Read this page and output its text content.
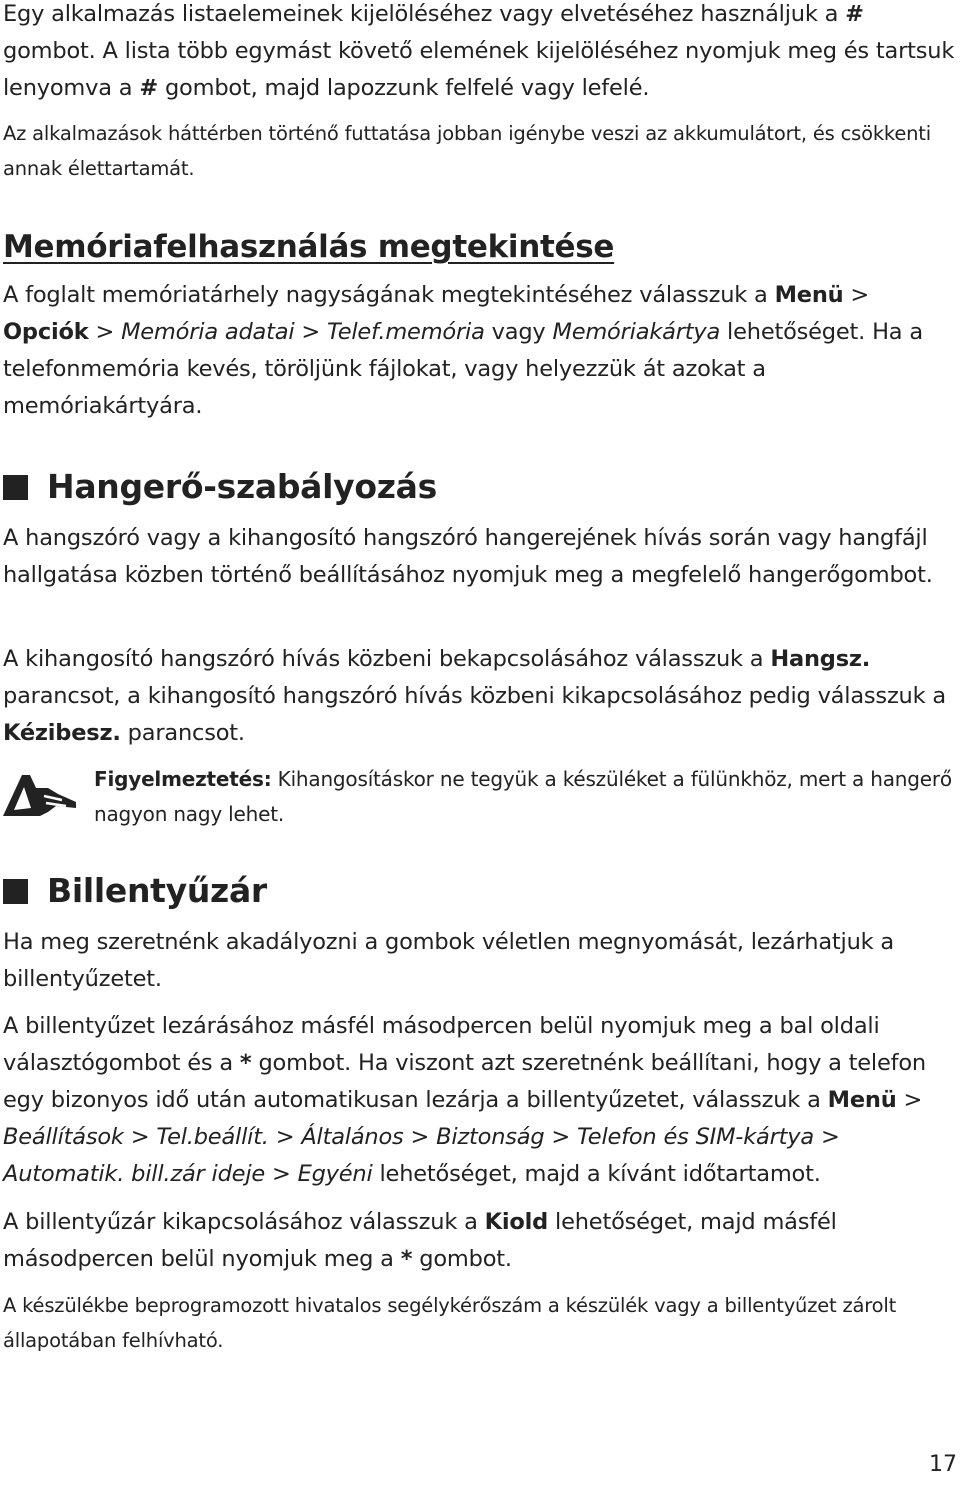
Egy alkalmazás listaelemeinek kijelöléséhez vagy elvetéséhez használjuk a # gombot. A lista több egymást követő elemének kijelöléséhez nyomjuk meg és tartsuk lenyomva a # gombot, majd lapozzunk felfelé vagy lefelé.

Az alkalmazások háttérben történő futtatása jobban igénybe veszi az akkumulátort, és csökkenti annak élettartamát.

Memóriafelhasználás megtekintése

A foglalt memóriatárhely nagyságának megtekintéséhez válasszuk a Menü > Opciók > Memória adatai > Telef.memória vagy Memóriakártya lehetőséget. Ha a telefonmemória kevés, töröljünk fájlokat, vagy helyezzük át azokat a memóriakártyára.

Hangerő-szabályozás

A hangszóró vagy a kihangosító hangszóró hangerejének hívás során vagy hangfájl hallgatása közben történő beállításához nyomjuk meg a megfelelő hangerőgombot.

A kihangosító hangszóró hívás közbeni bekapcsolásához válasszuk a Hangsz. parancsot, a kihangosító hangszóró hívás közbeni kikapcsolásához pedig válasszuk a Kézibesz. parancsot.

Figyelmeztetés: Kihangosításkor ne tegyük a készüléket a fülünkhöz, mert a hangerő nagyon nagy lehet.

Billentyűzár

Ha meg szeretnénk akadályozni a gombok véletlen megnyomását, lezárhatjuk a billentyűzetet.

A billentyűzet lezárásához másfél másodpercen belül nyomjuk meg a bal oldali választógombot és a * gombot. Ha viszont azt szeretnénk beállítani, hogy a telefon egy bizonyos idő után automatikusan lezárja a billentyűzetet, válasszuk a Menü > Beállítások > Tel.beállít. > Általános > Biztonság > Telefon és SIM-kártya > Automatik. bill.zár ideje > Egyéni lehetőséget, majd a kívánt időtartamot.

A billentyűzár kikapcsolásához válasszuk a Kiold lehetőséget, majd másfél másodpercen belül nyomjuk meg a * gombot.

A készülékbe beprogramozott hivatalos segélykérőszám a készülék vagy a billentyűzet zárolt állapotában felhívható.

17
